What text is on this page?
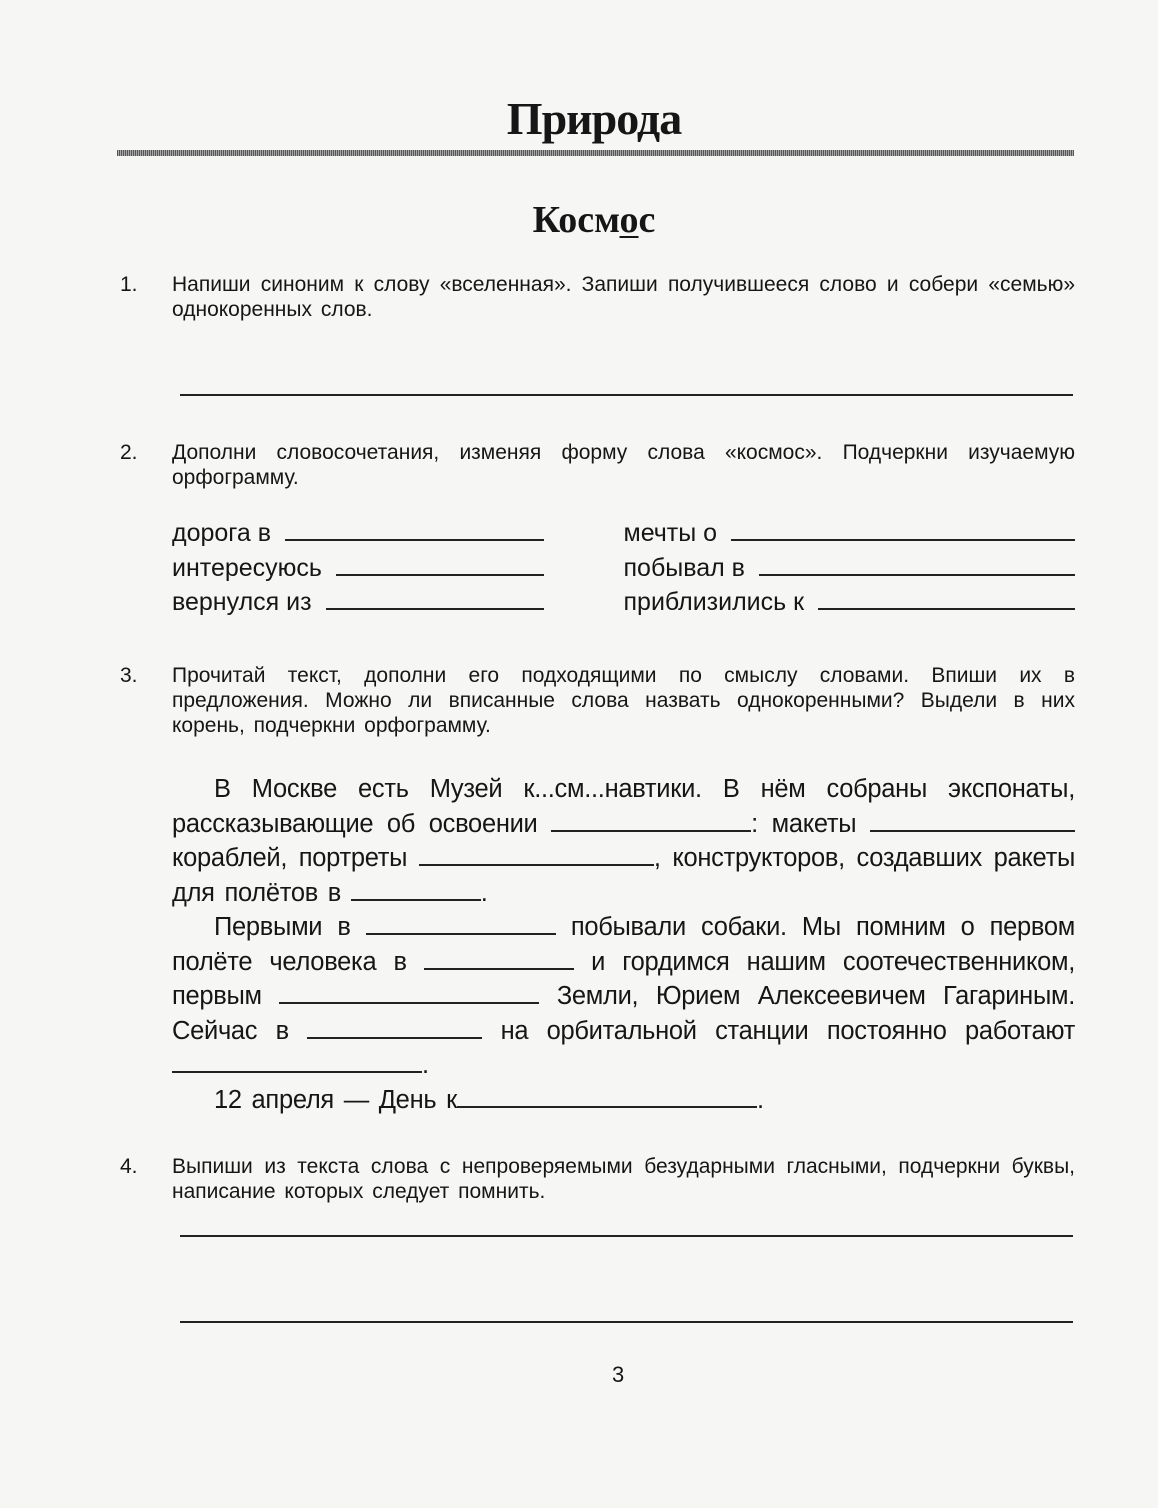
Природа
Космос
1. Напиши синоним к слову «вселенная». Запиши получившееся слово и собери «семью» однокоренных слов.
2. Дополни словосочетания, изменяя форму слова «космос». Подчеркни изучаемую орфограмму.
дорога в	мечты о
интересуюсь	побывал в
вернулся из	приблизились к
3. Прочитай текст, дополни его подходящими по смыслу словами. Впиши их в предложения. Можно ли вписанные слова назвать однокоренными? Выдели в них корень, подчеркни орфограмму.

В Москве есть Музей к...см...навтики. В нём собраны экспонаты, рассказывающие об освоении	: макеты  кораблей, портреты	, конструкторов, создавших ракеты для полётов в	.

Первыми в	побывали собаки. Мы помним о первом полёте человека в	и гордимся нашим соотечественником, первым	Земли, Юрием Алексеевичем Гагариным. Сейчас в	на орбитальной станции постоянно работают .

12 апреля — День к	.

4. Выпиши из текста слова с непроверяемыми безударными гласными, подчеркни буквы, написание которых следует помнить.
3
